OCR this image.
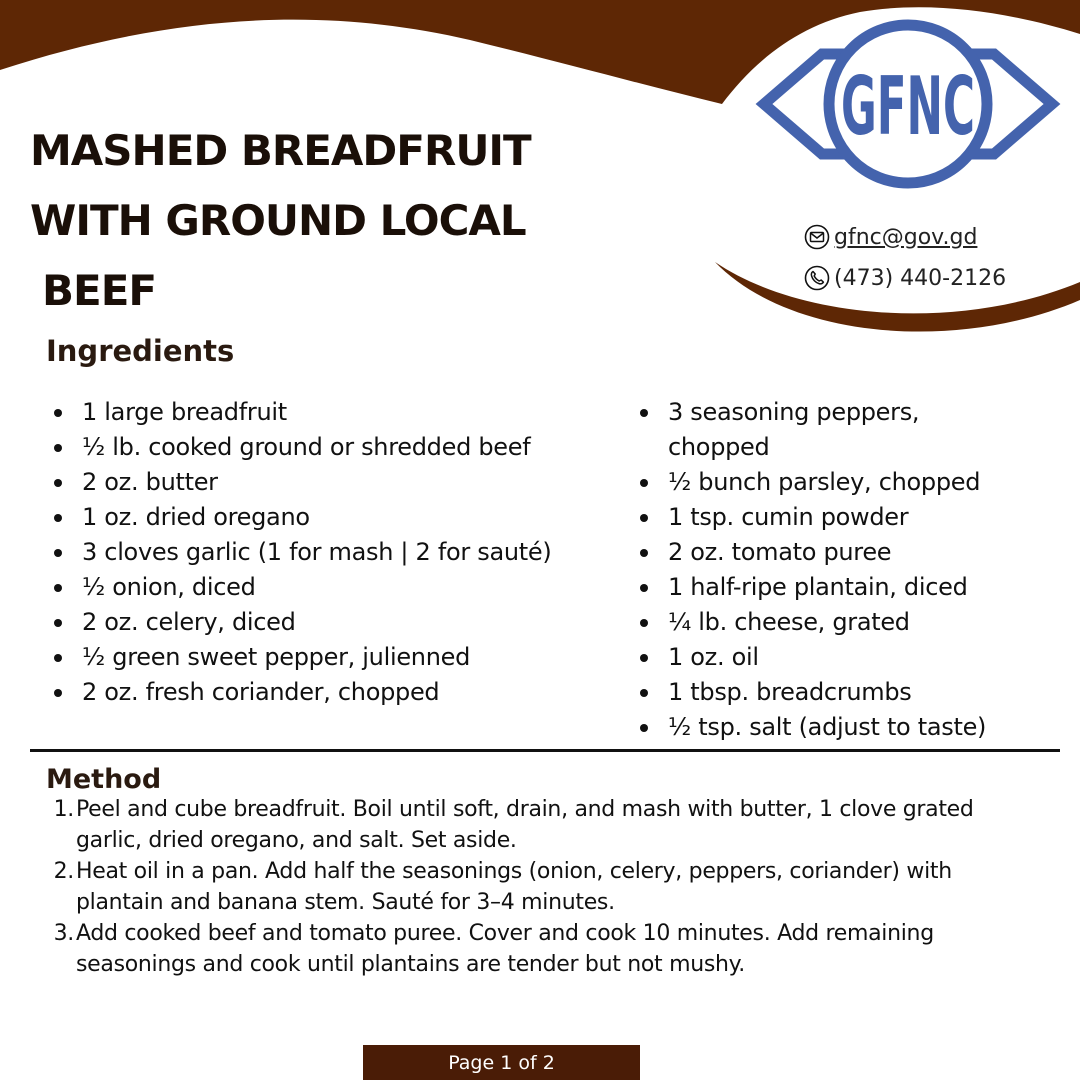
GFNC
gfnc@gov.gd
(473) 440-2126
MASHED BREADFRUIT
WITH GROUND LOCAL
BEEF
Ingredients
1 large breadfruit
½ lb. cooked ground or shredded beef
2 oz. butter
1 oz. dried oregano
3 cloves garlic (1 for mash | 2 for sauté)
½ onion, diced
2 oz. celery, diced
½ green sweet pepper, julienned
2 oz. fresh coriander, chopped
3 seasoning peppers, chopped
½ bunch parsley, chopped
1 tsp. cumin powder
2 oz. tomato puree
1 half-ripe plantain, diced
¼ lb. cheese, grated
1 oz. oil
1 tbsp. breadcrumbs
½ tsp. salt (adjust to taste)
Method
1. Peel and cube breadfruit. Boil until soft, drain, and mash with butter, 1 clove grated garlic, dried oregano, and salt. Set aside.
2. Heat oil in a pan. Add half the seasonings (onion, celery, peppers, coriander) with plantain and banana stem. Sauté for 3–4 minutes.
3. Add cooked beef and tomato puree. Cover and cook 10 minutes. Add remaining seasonings and cook until plantains are tender but not mushy.
Page 1 of 2
